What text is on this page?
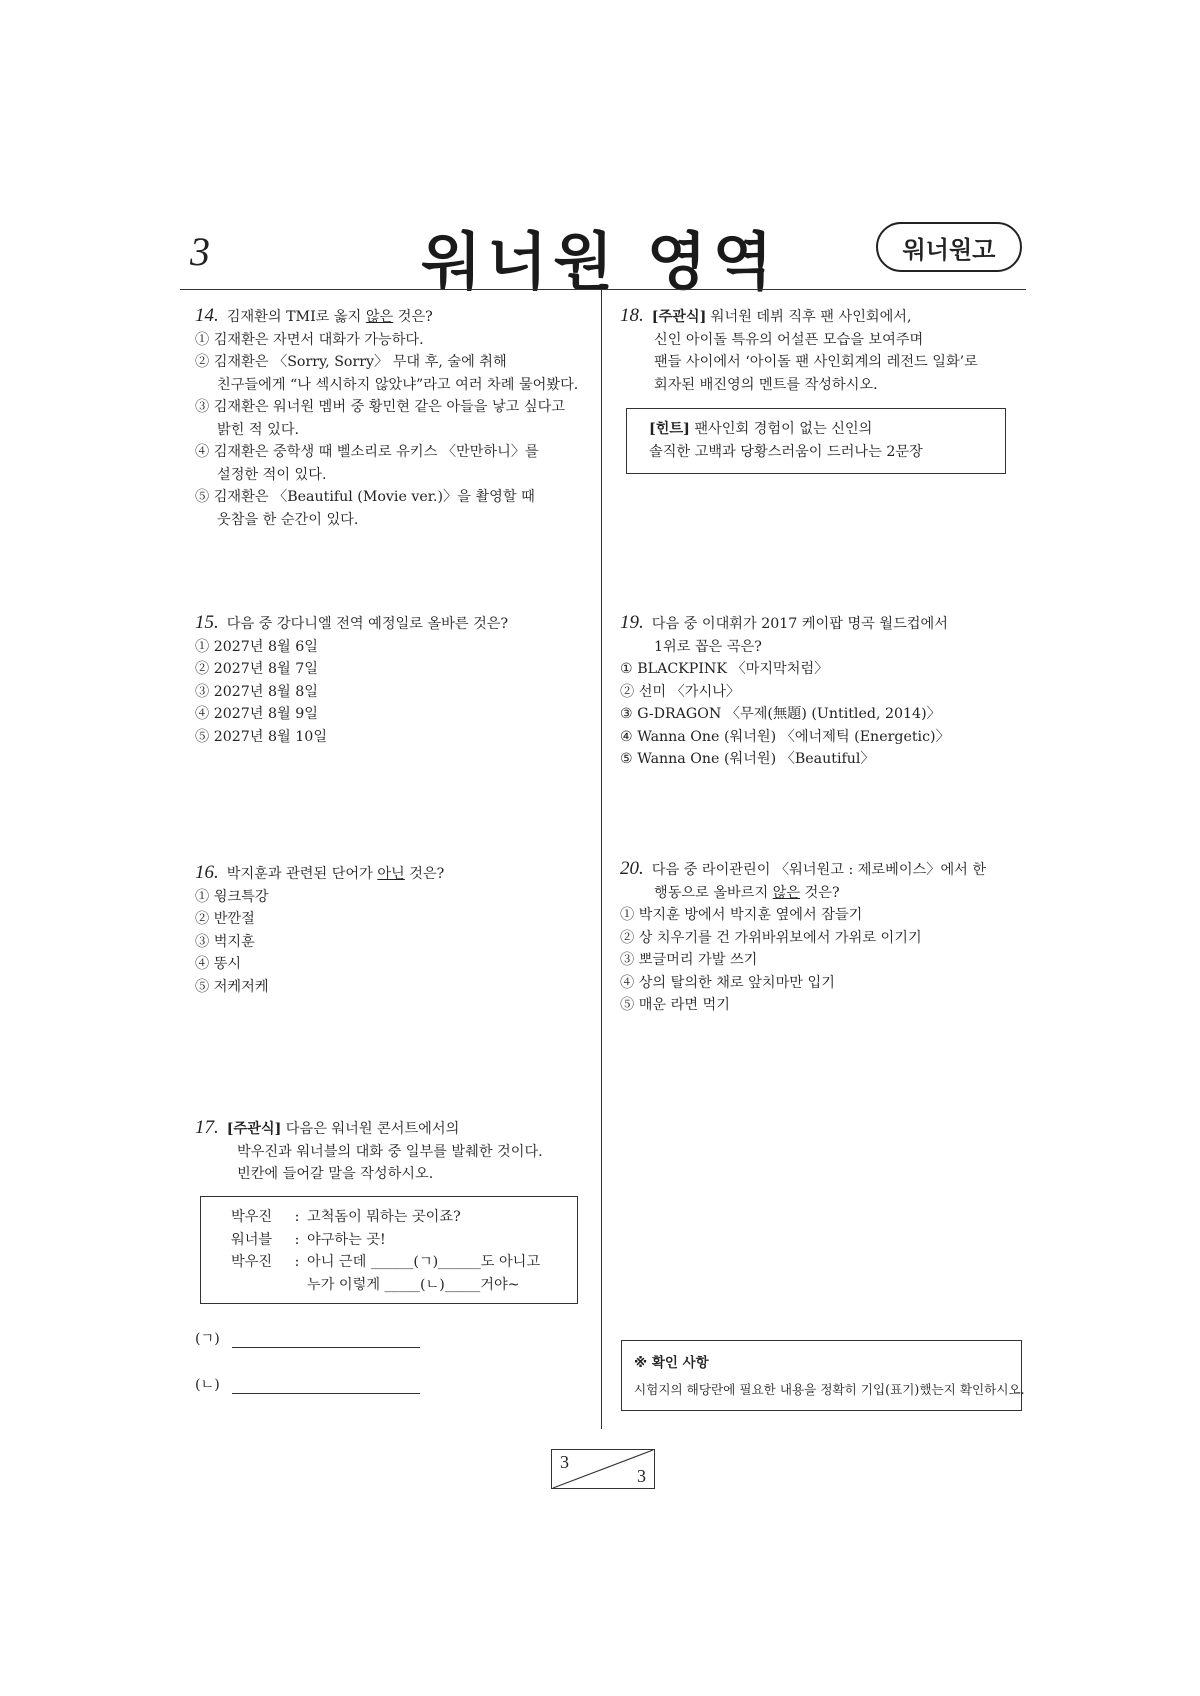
3	워너원 영역	워너원고
14. 김재환의 TMI로 옳지 않은 것은?
① 김재환은 자면서 대화가 가능하다.
② 김재환은 〈Sorry, Sorry〉 무대 후, 술에 취해
친구들에게 “나 섹시하지 않았냐”라고 여러 차례 물어봤다.
③ 김재환은 워너원 멤버 중 황민현 같은 아들을 낳고 싶다고
밝힌 적 있다.
④ 김재환은 중학생 때 벨소리로 유키스 〈만만하니〉를
설정한 적이 있다.
⑤ 김재환은 〈Beautiful (Movie ver.)〉을 촬영할 때
웃참을 한 순간이 있다.
15. 다음 중 강다니엘 전역 예정일로 올바른 것은?
① 2027년 8월 6일
② 2027년 8월 7일
③ 2027년 8월 8일
④ 2027년 8월 9일
⑤ 2027년 8월 10일
16. 박지훈과 관련된 단어가 아닌 것은?
① 윙크특강
② 반깐절
③ 벅지훈
④ 똥시
⑤ 저케저케
17. [주관식] 다음은 워너원 콘서트에서의
박우진과 워너블의 대화 중 일부를 발췌한 것이다.
빈칸에 들어갈 말을 작성하시오.
박우진	: 고척돔이 뭐하는 곳이죠?
워너블	: 야구하는 곳!
박우진	: 아니 근데 ______(ㄱ)______도 아니고
누가 이렇게 _____(ㄴ)_____거야~
(ㄱ)
(ㄴ)
18. [주관식] 워너원 데뷔 직후 팬 사인회에서,
신인 아이돌 특유의 어설픈 모습을 보여주며
팬들 사이에서 ‘아이돌 팬 사인회계의 레전드 일화’로
회자된 배진영의 멘트를 작성하시오.
[힌트] 팬사인회 경험이 없는 신인의
솔직한 고백과 당황스러움이 드러나는 2문장
19. 다음 중 이대휘가 2017 케이팝 명곡 월드컵에서
1위로 꼽은 곡은?
① BLACKPINK 〈마지막처럼〉
② 선미 〈가시나〉
③ G-DRAGON 〈무제(無題) (Untitled, 2014)〉
④ Wanna One (워너원) 〈에너제틱 (Energetic)〉
⑤ Wanna One (워너원) 〈Beautiful〉
20. 다음 중 라이관린이 〈워너원고 : 제로베이스〉에서 한
행동으로 올바르지 않은 것은?
① 박지훈 방에서 박지훈 옆에서 잠들기
② 상 치우기를 건 가위바위보에서 가위로 이기기
③ 뽀글머리 가발 쓰기
④ 상의 탈의한 채로 앞치마만 입기
⑤ 매운 라면 먹기
※ 확인 사항
시험지의 해당란에 필요한 내용을 정확히 기입(표기)했는지 확인하시오.
3
3
